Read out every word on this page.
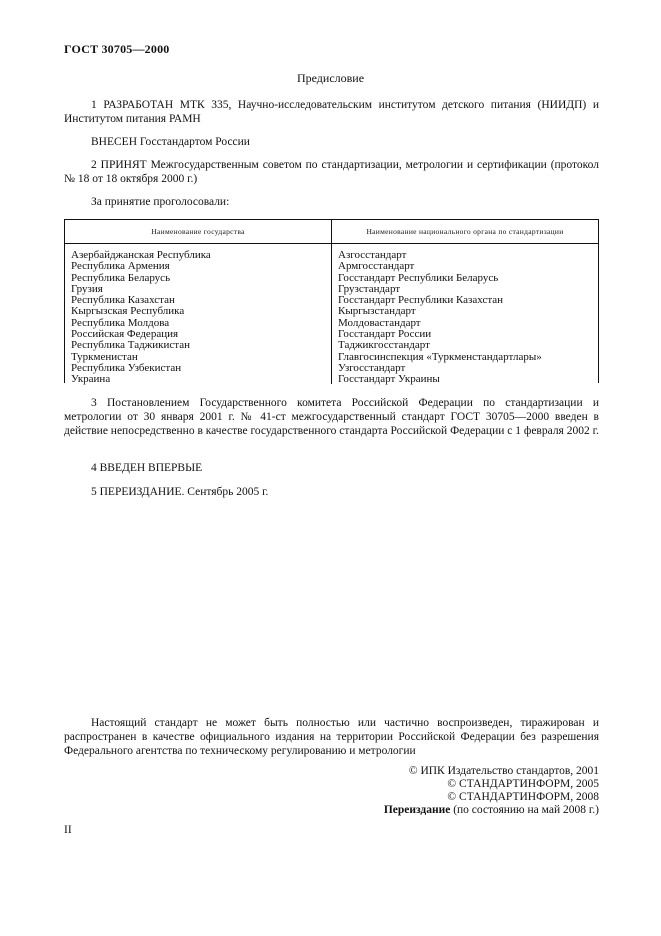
ГОСТ 30705—2000
Предисловие
1 РАЗРАБОТАН МТК 335, Научно-исследовательским институтом детского питания (НИИДП) и Институтом питания РАМН
ВНЕСЕН Госстандартом России
2 ПРИНЯТ Межгосударственным советом по стандартизации, метрологии и сертификации (протокол № 18 от 18 октября 2000 г.)
За принятие проголосовали:
Наименование государства	Наименование национального органа по стандартизации
Азербайджанская Республика
Республика Армения
Республика Беларусь
Грузия
Республика Казахстан
Кыргызская Республика
Республика Молдова
Российская Федерация
Республика Таджикистан
Туркменистан
Республика Узбекистан
Украина
Азгосстандарт
Армгосстандарт
Госстандарт Республики Беларусь
Грузстандарт
Госстандарт Республики Казахстан
Кыргызстандарт
Молдовастандарт
Госстандарт России
Таджикгосстандарт
Главгосинспекция «Туркменстандартлары»
Узгосстандарт
Госстандарт Украины
3 Постановлением Государственного комитета Российской Федерации по стандартизации и метрологии от 30 января 2001 г. № 41-ст межгосударственный стандарт ГОСТ 30705—2000 введен в действие непосредственно в качестве государственного стандарта Российской Федерации с 1 февраля 2002 г.
4 ВВЕДЕН ВПЕРВЫЕ
5 ПЕРЕИЗДАНИЕ. Сентябрь 2005 г.
Настоящий стандарт не может быть полностью или частично воспроизведен, тиражирован и распространен в качестве официального издания на территории Российской Федерации без разрешения Федерального агентства по техническому регулированию и метрологии
© ИПК Издательство стандартов, 2001
© СТАНДАРТИНФОРМ, 2005
© СТАНДАРТИНФОРМ, 2008
Переиздание (по состоянию на май 2008 г.)
II
